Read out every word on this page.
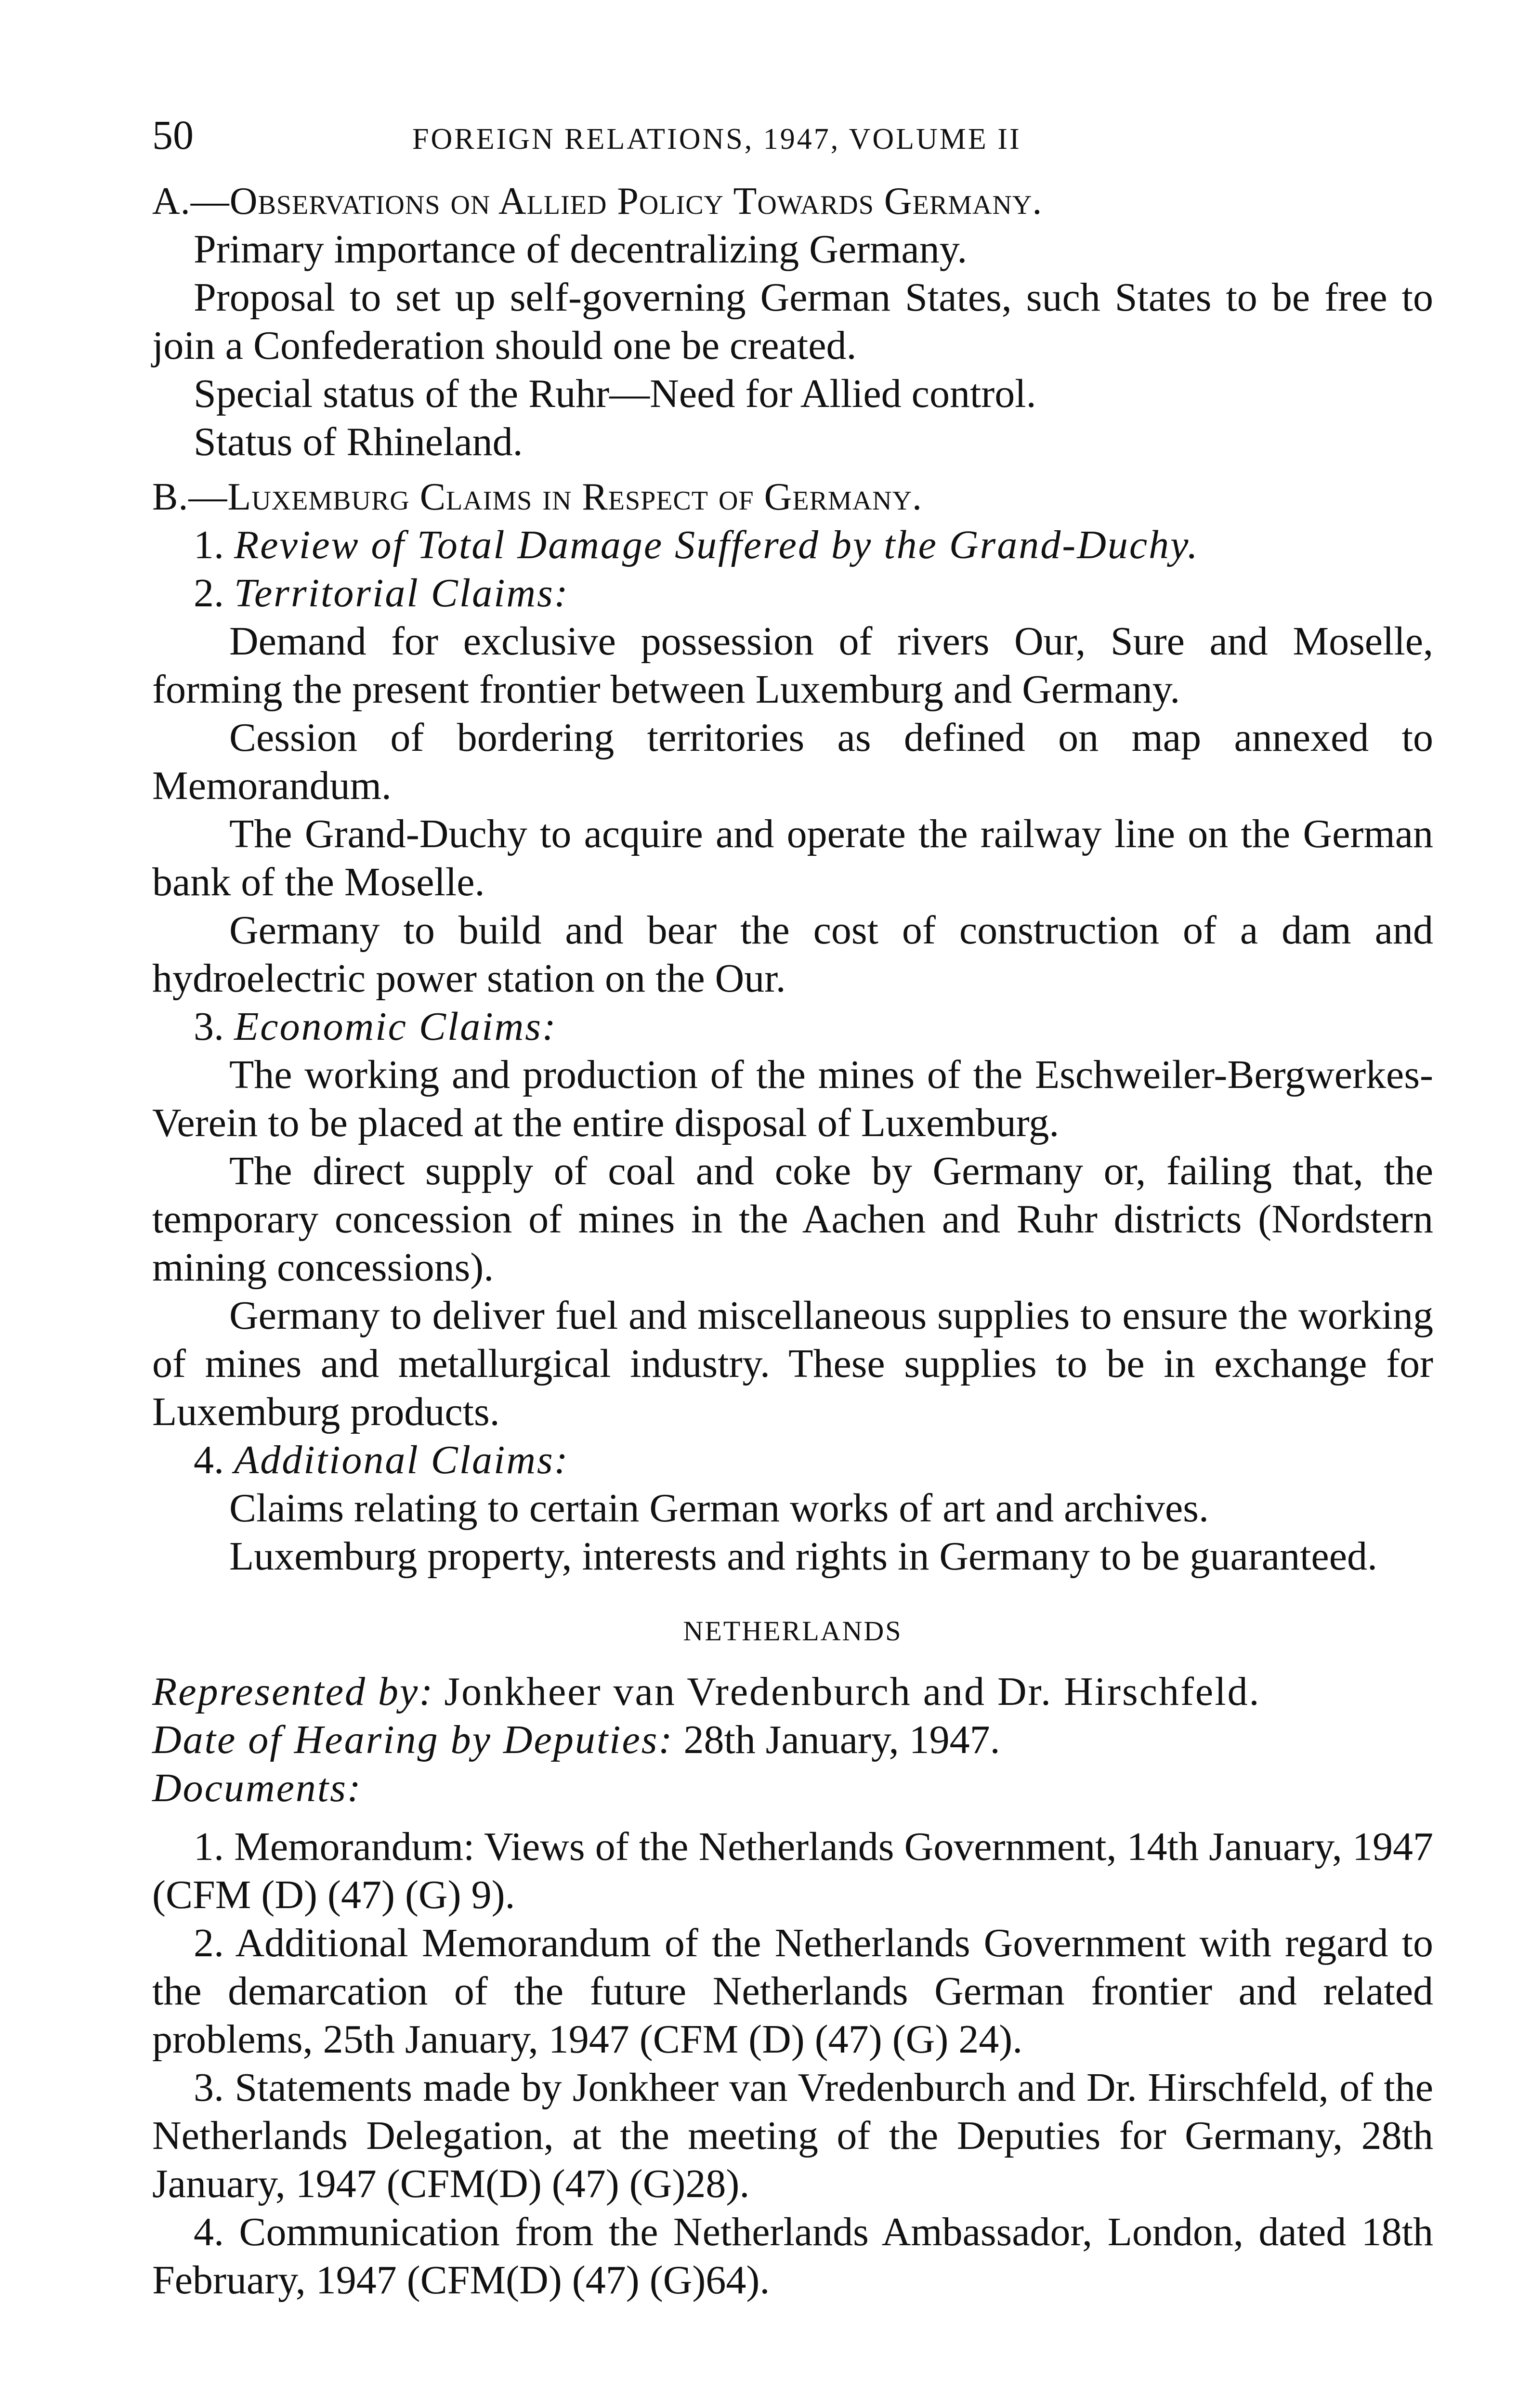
50	FOREIGN RELATIONS, 1947, VOLUME II
A.—Observations on Allied Policy Towards Germany.

Primary importance of decentralizing Germany.

Proposal to set up self-governing German States, such States to be free to join a Confederation should one be created.

Special status of the Ruhr—Need for Allied control.

Status of Rhineland.

B.—Luxemburg Claims in Respect of Germany.

1. Review of Total Damage Suffered by the Grand-Duchy.

2. Territorial Claims:

Demand for exclusive possession of rivers Our, Sure and Moselle, forming the present frontier between Luxemburg and Germany.

Cession of bordering territories as defined on map annexed to Memorandum.

The Grand-Duchy to acquire and operate the railway line on the German bank of the Moselle.

Germany to build and bear the cost of construction of a dam and hydroelectric power station on the Our.

3. Economic Claims:

The working and production of the mines of the Eschweiler-Bergwerkes-Verein to be placed at the entire disposal of Luxemburg.

The direct supply of coal and coke by Germany or, failing that, the temporary concession of mines in the Aachen and Ruhr districts (Nordstern mining concessions).

Germany to deliver fuel and miscellaneous supplies to ensure the working of mines and metallurgical industry. These supplies to be in exchange for Luxemburg products.

4. Additional Claims:

Claims relating to certain German works of art and archives.

Luxemburg property, interests and rights in Germany to be guaranteed.

NETHERLANDS

Represented by: Jonkheer van Vredenburch and Dr. Hirschfeld.

Date of Hearing by Deputies: 28th January, 1947.

Documents:

1. Memorandum: Views of the Netherlands Government, 14th January, 1947 (CFM (D) (47) (G) 9).

2. Additional Memorandum of the Netherlands Government with regard to the demarcation of the future Netherlands German frontier and related problems, 25th January, 1947 (CFM (D) (47) (G) 24).

3. Statements made by Jonkheer van Vredenburch and Dr. Hirschfeld, of the Netherlands Delegation, at the meeting of the Deputies for Germany, 28th January, 1947 (CFM(D) (47) (G)28).

4. Communication from the Netherlands Ambassador, London, dated 18th February, 1947 (CFM(D) (47) (G)64).
